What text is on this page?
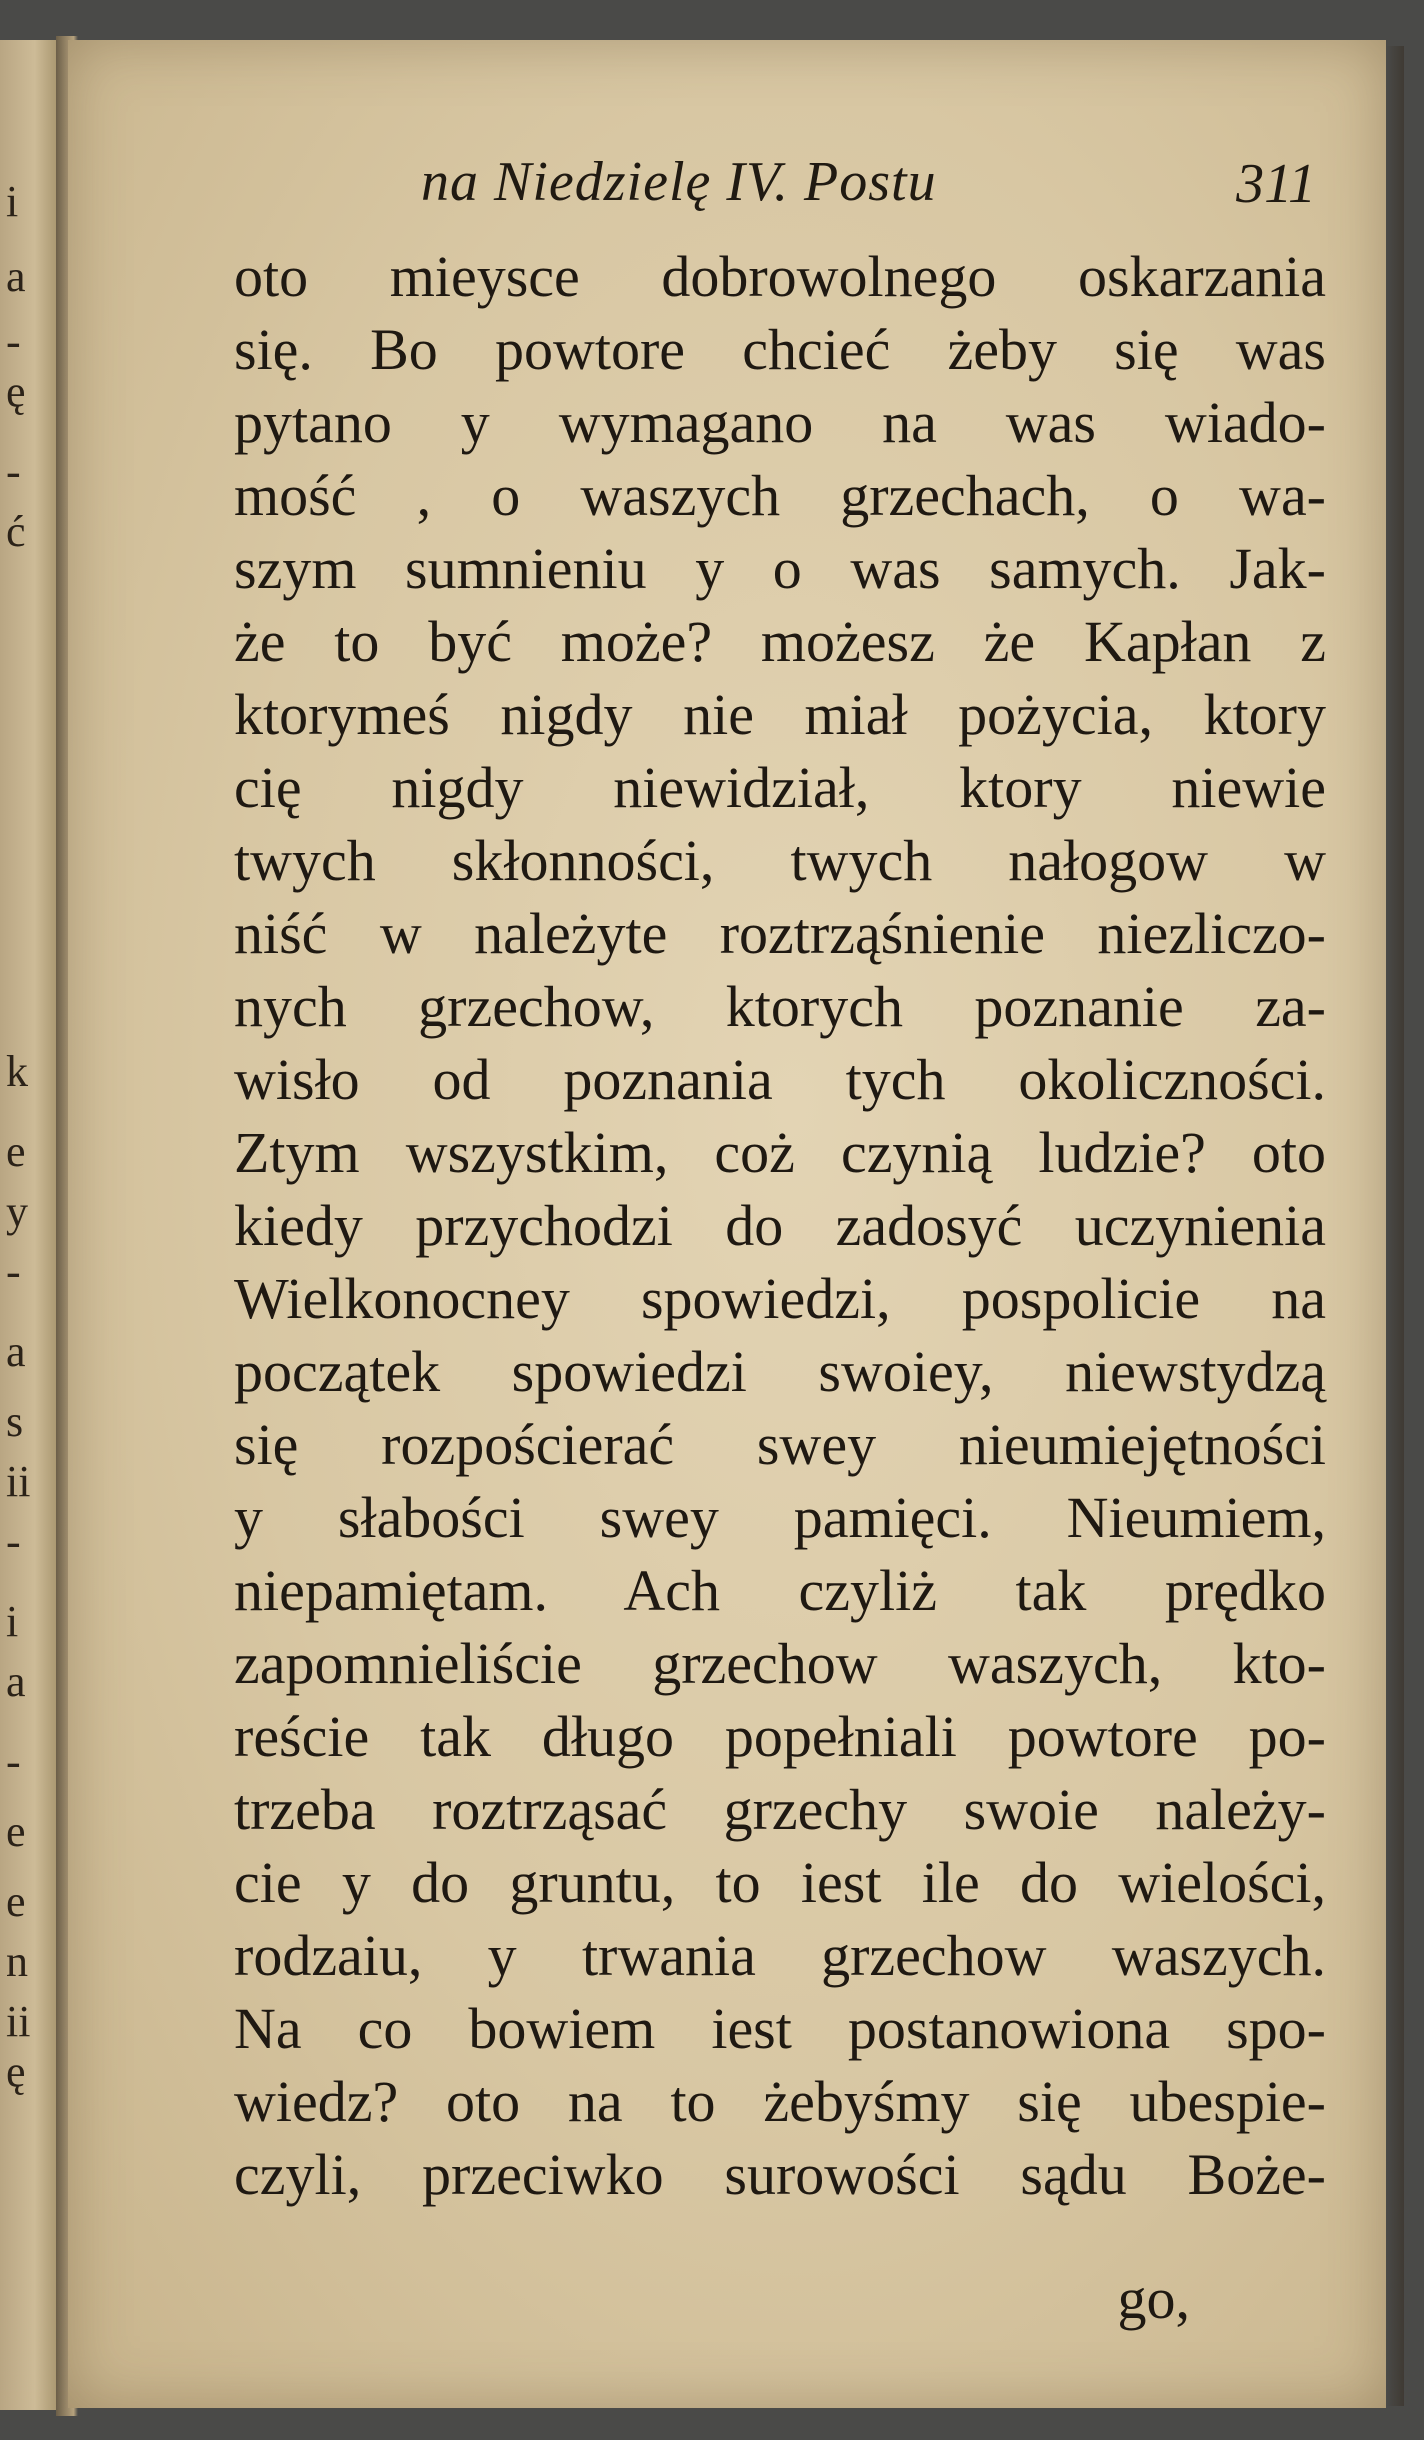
i
a
-
ę
-
ć
k
e
y
-
a
s
ii
-
i
a
-
e
e
n
ii
ę
na Niedzielę IV. Postu	311
oto mieysce dobrowolnego oskarzania
się. Bo powtore chcieć żeby się was
pytano y wymagano na was wiado-
mość , o waszych grzechach, o wa-
szym sumnieniu y o was samych. Jak-
że to być może? możesz że Kapłan z
ktorymeś nigdy nie miał pożycia, ktory
cię nigdy niewidział, ktory niewie
twych skłonności, twych nałogow w
niść w należyte roztrząśnienie niezliczo-
nych grzechow, ktorych poznanie za-
wisło od poznania tych okoliczności.
Ztym wszystkim, coż czynią ludzie? oto
kiedy przychodzi do zadosyć uczynienia
Wielkonocney spowiedzi, pospolicie na
początek spowiedzi swoiey, niewstydzą
się rozpościerać swey nieumiejętności
y słabości swey pamięci. Nieumiem,
niepamiętam. Ach czyliż tak prędko
zapomnieliście grzechow waszych, kto-
reście tak długo popełniali powtore po-
trzeba roztrząsać grzechy swoie należy-
cie y do gruntu, to iest ile do wielości,
rodzaiu, y trwania grzechow waszych.
Na co bowiem iest postanowiona spo-
wiedz? oto na to żebyśmy się ubespie-
czyli, przeciwko surowości sądu Boże-
go,
